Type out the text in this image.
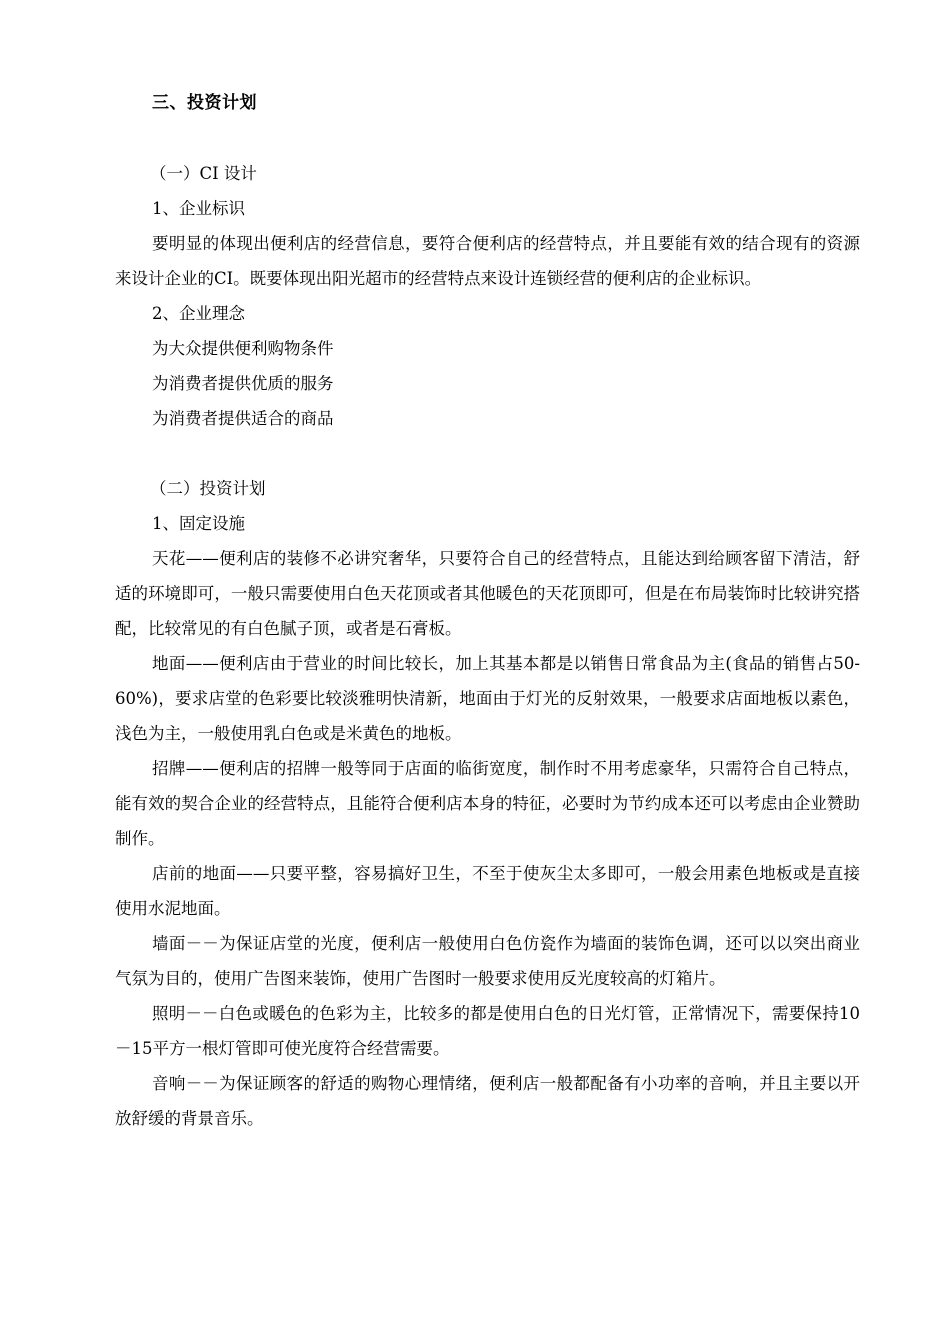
三、投资计划

（一）CI 设计

1、企业标识

要明显的体现出便利店的经营信息，要符合便利店的经营特点，并且要能有效的结合现有的资源来设计企业的CI。既要体现出阳光超市的经营特点来设计连锁经营的便利店的企业标识。

2、企业理念

为大众提供便利购物条件

为消费者提供优质的服务

为消费者提供适合的商品

（二）投资计划

1、固定设施

天花——便利店的装修不必讲究奢华，只要符合自己的经营特点，且能达到给顾客留下清洁，舒适的环境即可，一般只需要使用白色天花顶或者其他暖色的天花顶即可，但是在布局装饰时比较讲究搭配，比较常见的有白色腻子顶，或者是石膏板。

地面——便利店由于营业的时间比较长，加上其基本都是以销售日常食品为主(食品的销售占50-60%)，要求店堂的色彩要比较淡雅明快清新，地面由于灯光的反射效果，一般要求店面地板以素色，浅色为主，一般使用乳白色或是米黄色的地板。

招牌——便利店的招牌一般等同于店面的临街宽度，制作时不用考虑豪华，只需符合自己特点，能有效的契合企业的经营特点，且能符合便利店本身的特征，必要时为节约成本还可以考虑由企业赞助制作。

店前的地面——只要平整，容易搞好卫生，不至于使灰尘太多即可，一般会用素色地板或是直接使用水泥地面。

墙面－－为保证店堂的光度，便利店一般使用白色仿瓷作为墙面的装饰色调，还可以以突出商业气氛为目的，使用广告图来装饰，使用广告图时一般要求使用反光度较高的灯箱片。

照明－－白色或暖色的色彩为主，比较多的都是使用白色的日光灯管，正常情况下，需要保持10－15平方一根灯管即可使光度符合经营需要。

音响－－为保证顾客的舒适的购物心理情绪，便利店一般都配备有小功率的音响，并且主要以开放舒缓的背景音乐。
